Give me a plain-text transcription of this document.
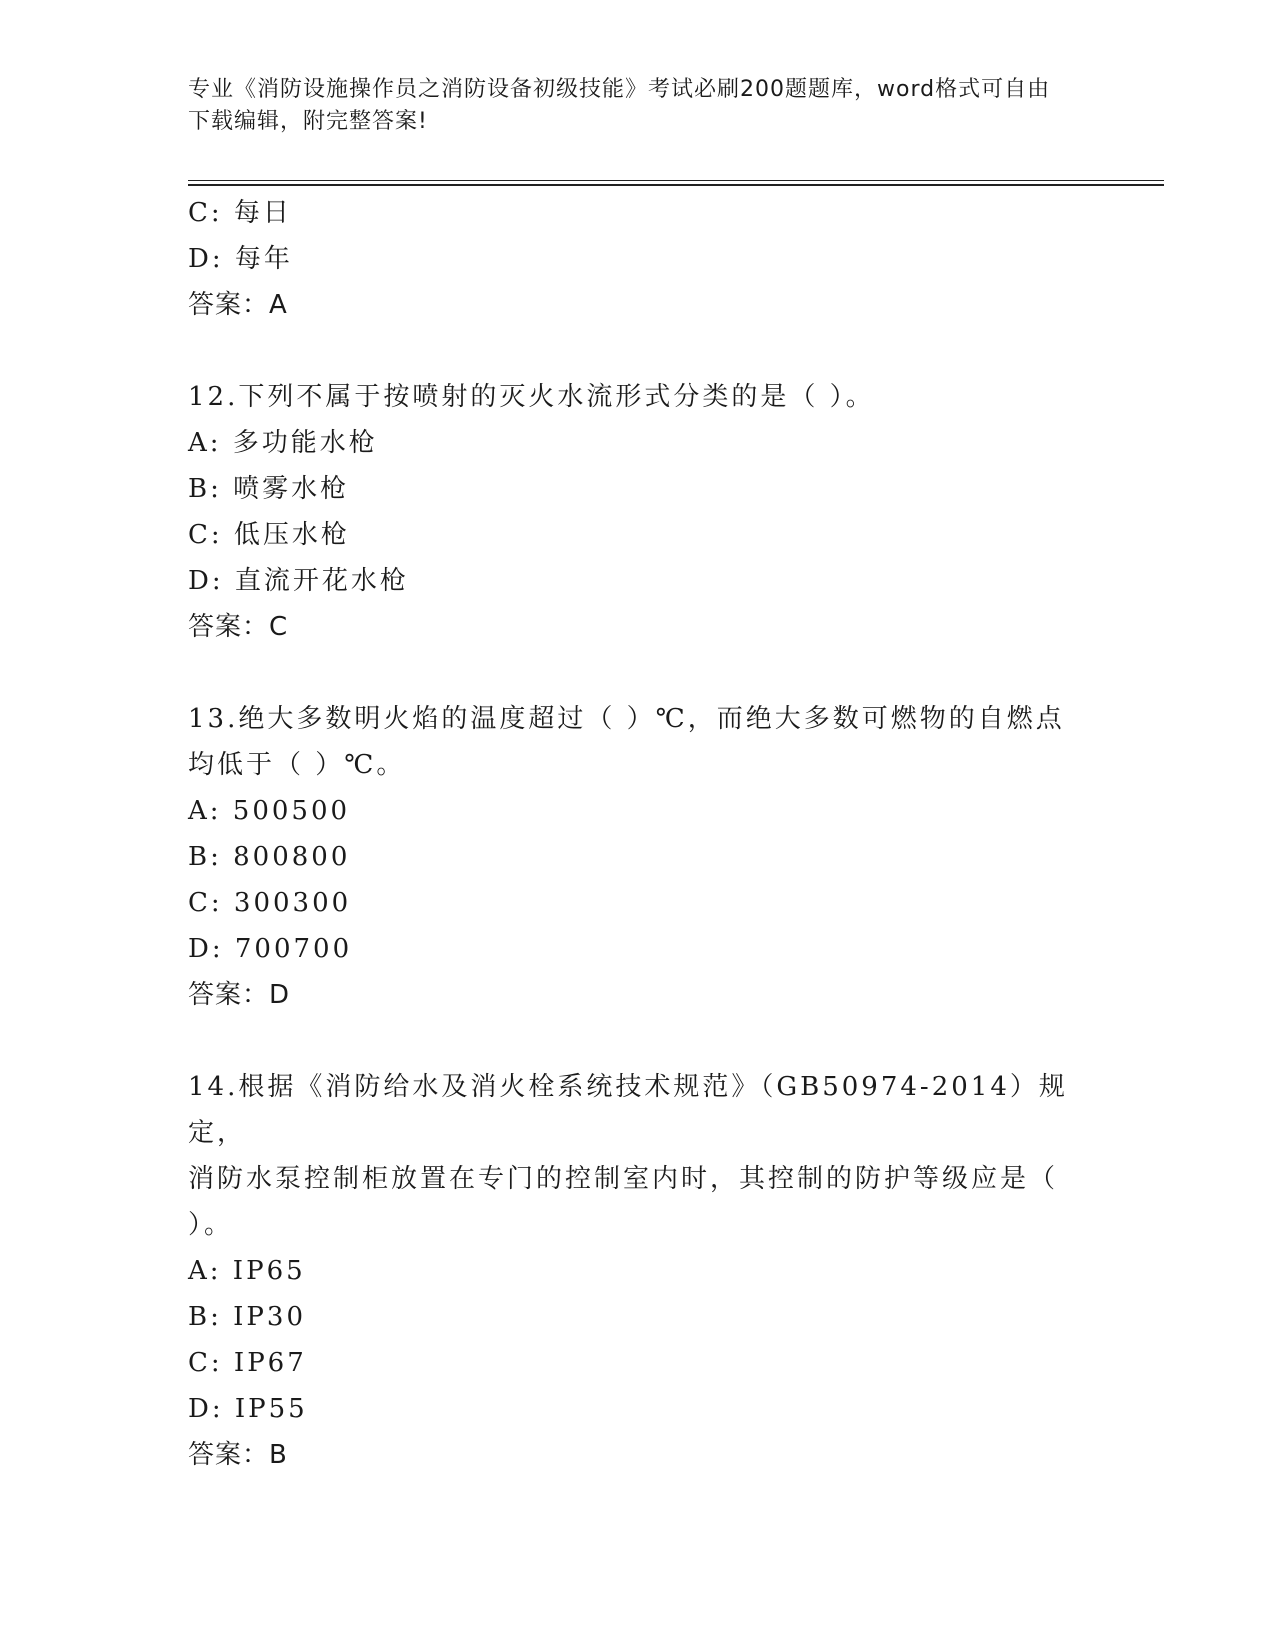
专业《消防设施操作员之消防设备初级技能》考试必刷200题题库，word格式可自由下载编辑，附完整答案!
C: 每日
D: 每年
答案：A
12.下列不属于按喷射的灭火水流形式分类的是（ ）。
A: 多功能水枪
B: 喷雾水枪
C: 低压水枪
D: 直流开花水枪
答案：C
13.绝大多数明火焰的温度超过（ ）℃，而绝大多数可燃物的自燃点
均低于（ ）℃。
A: 500500
B: 800800
C: 300300
D: 700700
答案：D
14.根据《消防给水及消火栓系统技术规范》（GB50974-2014）规定，
消防水泵控制柜放置在专门的控制室内时，其控制的防护等级应是（
）。
A: IP65
B: IP30
C: IP67
D: IP55
答案：B
